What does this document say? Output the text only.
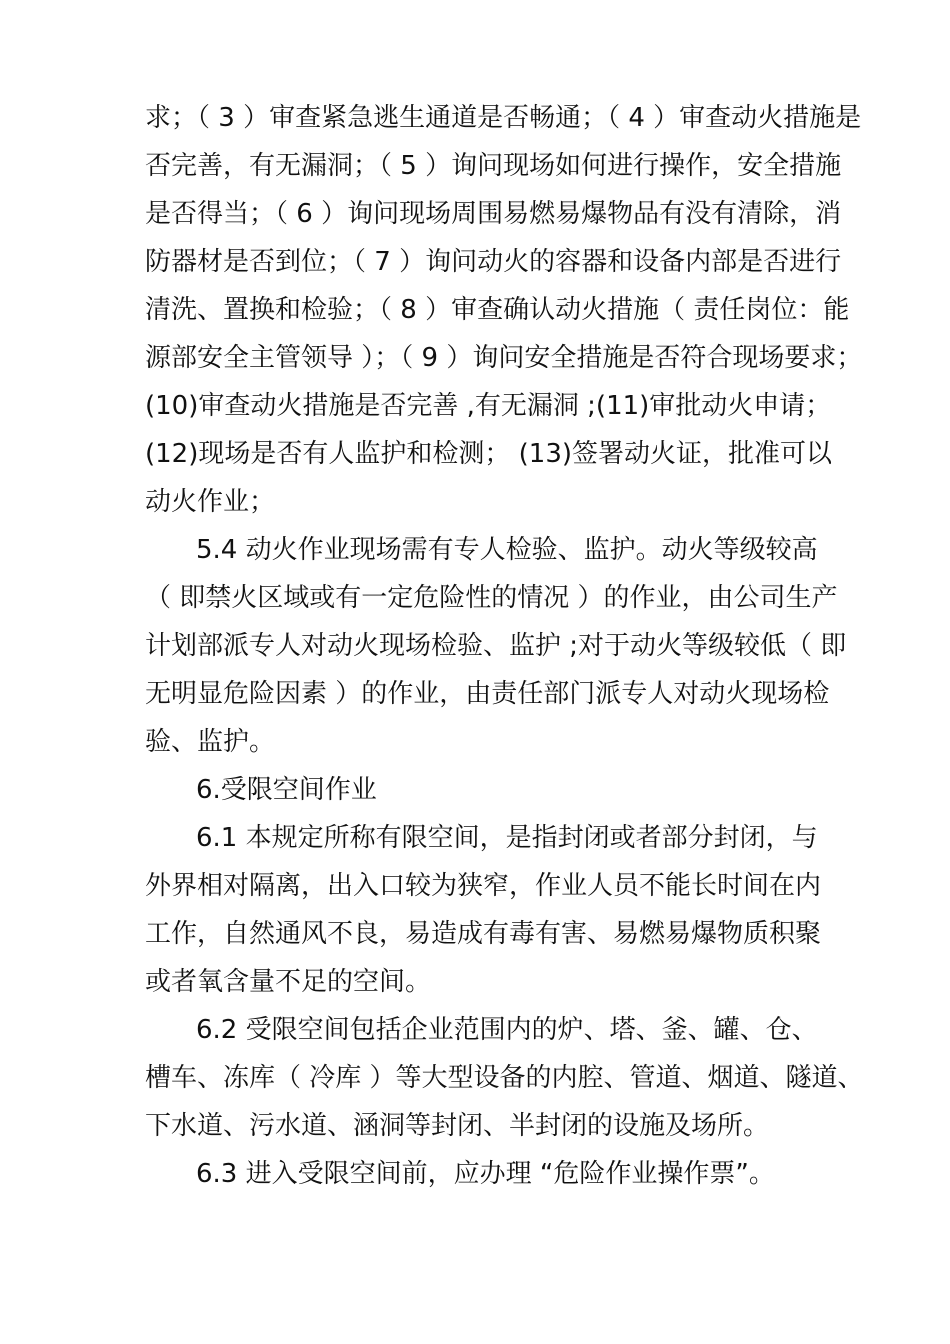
求；（ 3 ）审查紧急逃生通道是否畅通；（ 4 ）审查动火措施是
否完善，有无漏洞；（ 5 ）询问现场如何进行操作，安全措施
是否得当；（ 6 ）询问现场周围易燃易爆物品有没有清除，消
防器材是否到位；（ 7 ）询问动火的容器和设备内部是否进行
清洗、置换和检验；（ 8 ）审查确认动火措施（ 责任岗位：能
源部安全主管领导 ）；（ 9 ）询问安全措施是否符合现场要求；
(10)审查动火措施是否完善 ,有无漏洞 ;(11)审批动火申请；
(12)现场是否有人监护和检测； (13)签署动火证，批准可以
动火作业；
5.4 动火作业现场需有专人检验、监护。动火等级较高
（ 即禁火区域或有一定危险性的情况 ）的作业，由公司生产
计划部派专人对动火现场检验、监护 ;对于动火等级较低（ 即
无明显危险因素 ）的作业，由责任部门派专人对动火现场检
验、监护。
6.受限空间作业
6.1 本规定所称有限空间，是指封闭或者部分封闭，与
外界相对隔离，出入口较为狭窄，作业人员不能长时间在内
工作，自然通风不良，易造成有毒有害、易燃易爆物质积聚
或者氧含量不足的空间。
6.2 受限空间包括企业范围内的炉、塔、釜、罐、仓、
槽车、冻库（ 冷库 ）等大型设备的内腔、管道、烟道、隧道、
下水道、污水道、涵洞等封闭、半封闭的设施及场所。
6.3 进入受限空间前，应办理 “危险作业操作票”。
